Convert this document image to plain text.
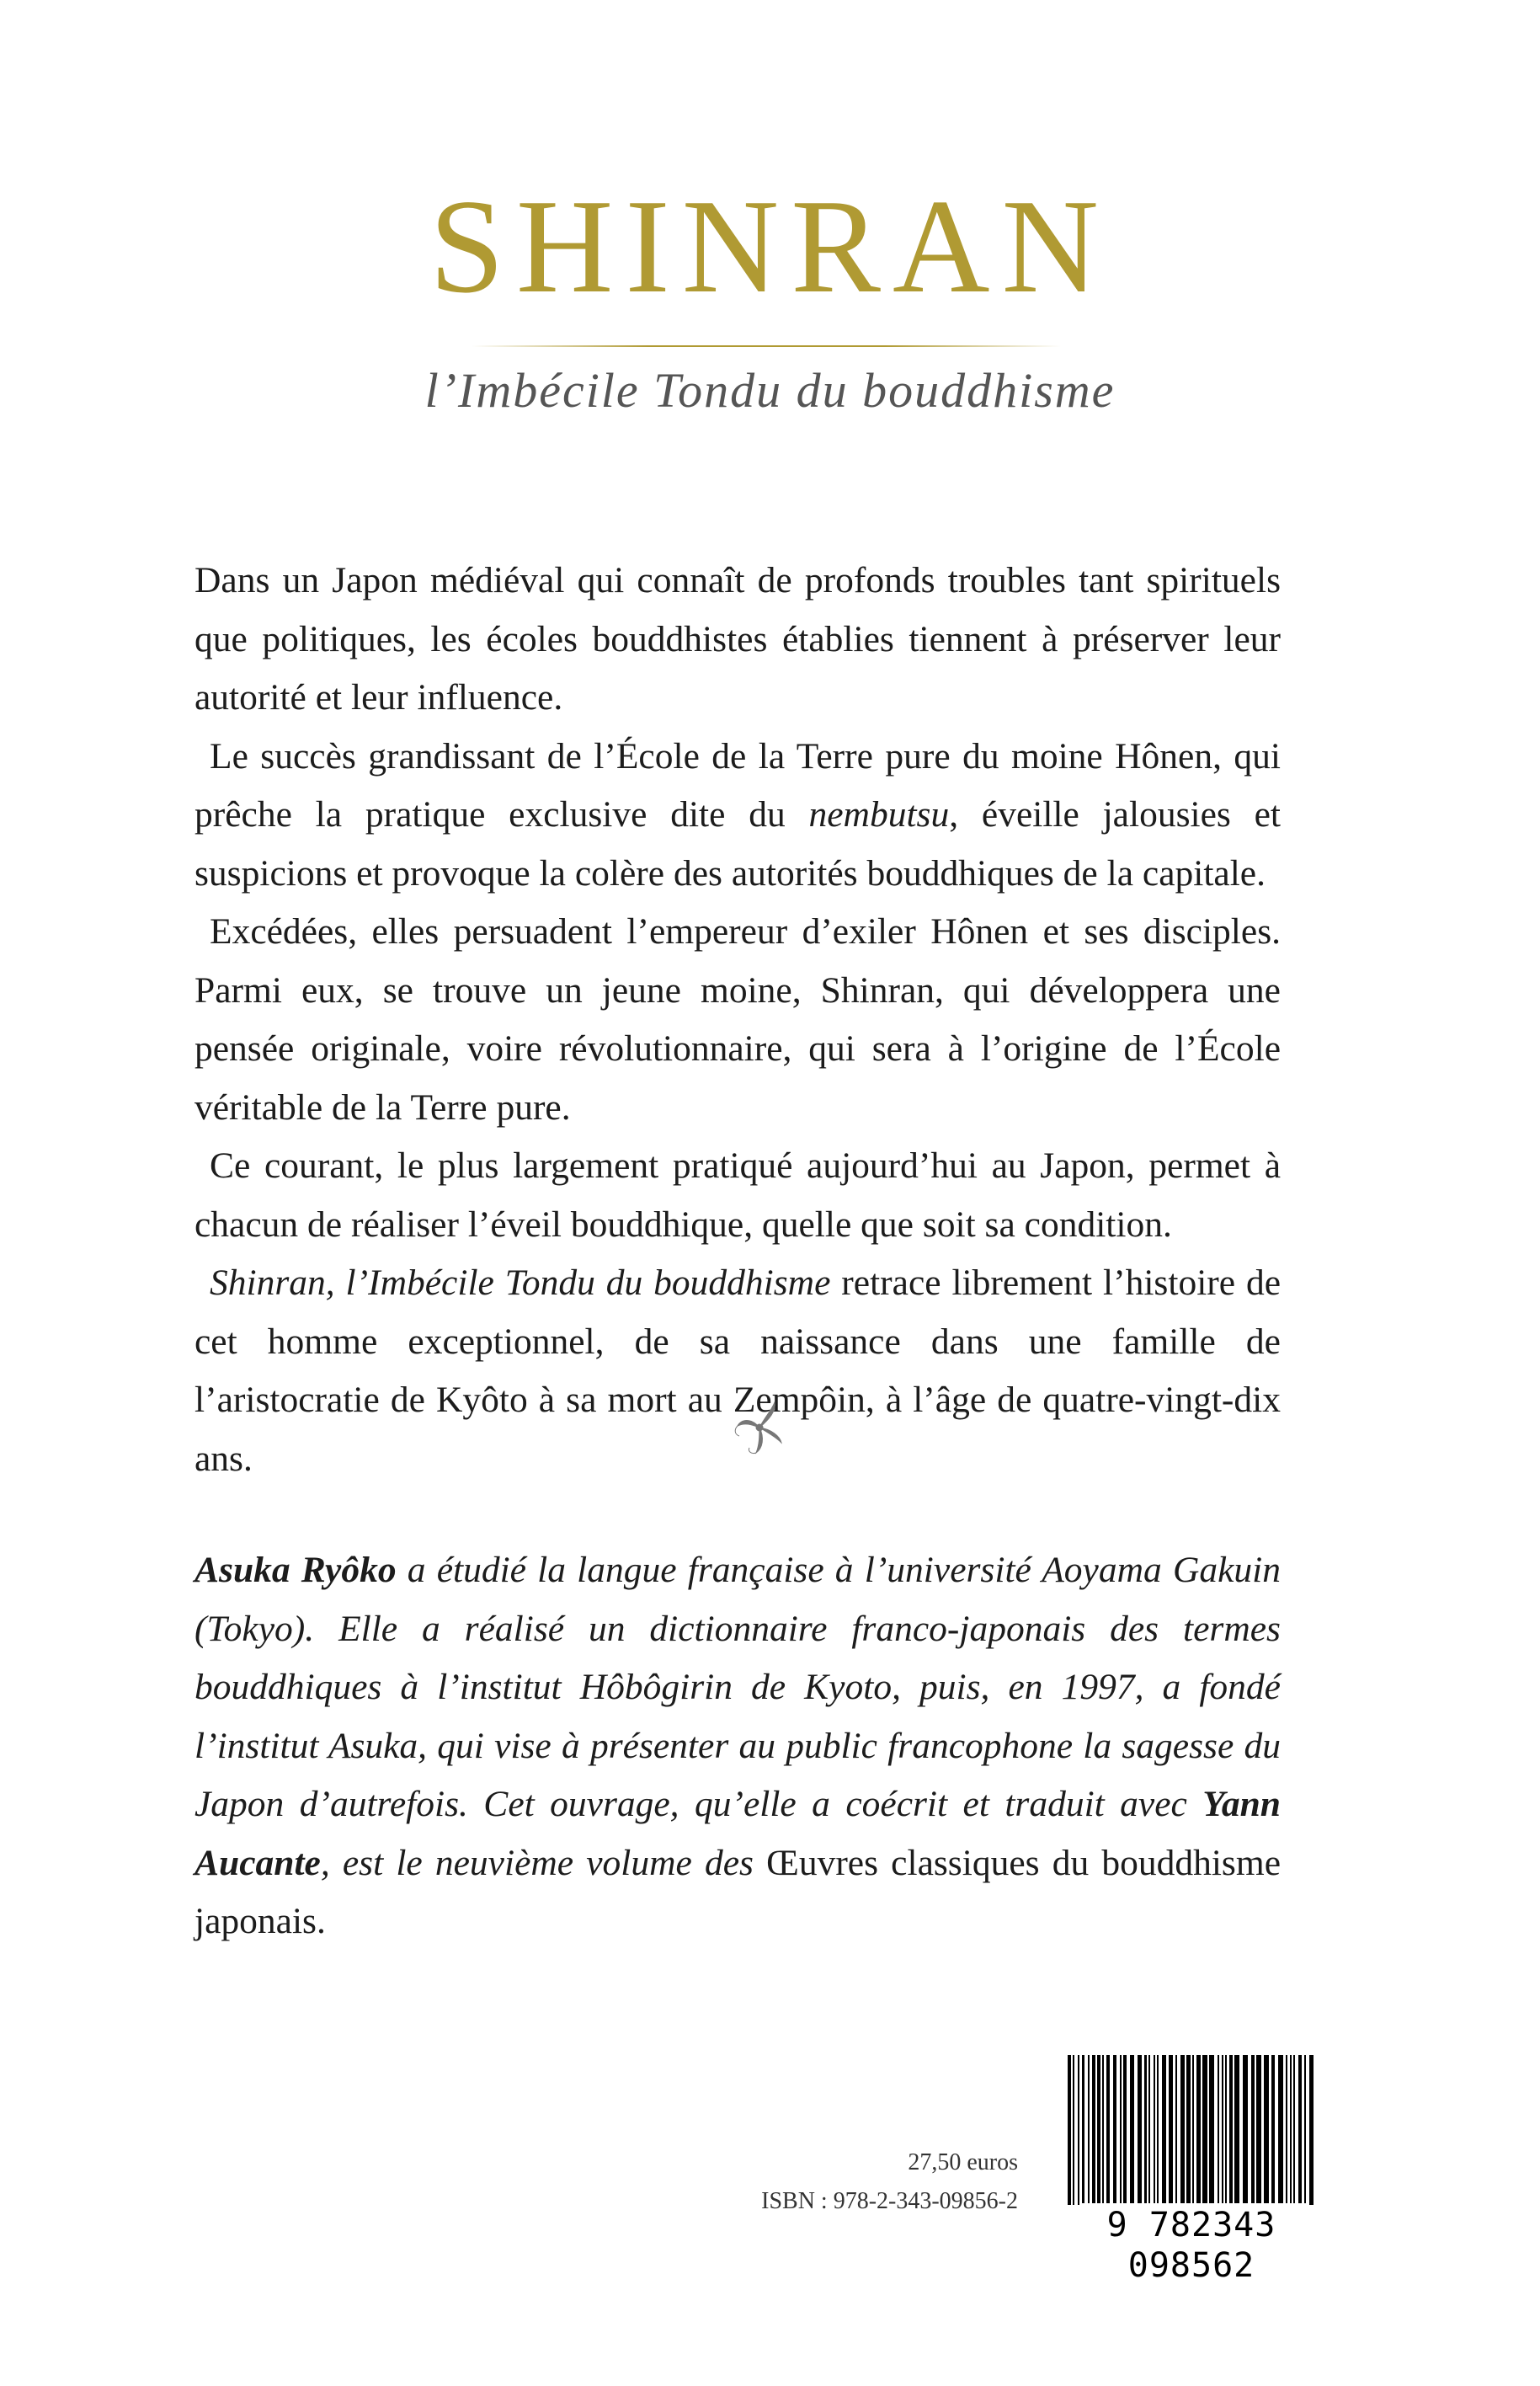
SHINRAN
l’Imbécile Tondu du bouddhisme

Dans un Japon médiéval qui connaît de profonds troubles tant spirituels que politiques, les écoles bouddhistes établies tiennent à préserver leur autorité et leur influence.

Le succès grandissant de l’École de la Terre pure du moine Hônen, qui prêche la pratique exclusive dite du nembutsu, éveille jalousies et suspicions et provoque la colère des autorités bouddhiques de la capitale.

Excédées, elles persuadent l’empereur d’exiler Hônen et ses disciples. Parmi eux, se trouve un jeune moine, Shinran, qui développera une pensée originale, voire révolutionnaire, qui sera à l’origine de l’École véritable de la Terre pure.

Ce courant, le plus largement pratiqué aujourd’hui au Japon, permet à chacun de réaliser l’éveil bouddhique, quelle que soit sa condition.

Shinran, l’Imbécile Tondu du bouddhisme retrace librement l’histoire de cet homme exceptionnel, de sa naissance dans une famille de l’aristocratie de Kyôto à sa mort au Zempôin, à l’âge de quatre-vingt-dix ans.

Asuka Ryôko a étudié la langue française à l’université Aoyama Gakuin (Tokyo). Elle a réalisé un dictionnaire franco-japonais des termes bouddhiques à l’institut Hôbôgirin de Kyoto, puis, en 1997, a fondé l’institut Asuka, qui vise à présenter au public francophone la sagesse du Japon d’autrefois. Cet ouvrage, qu’elle a coécrit et traduit avec Yann Aucante, est le neuvième volume des Œuvres classiques du bouddhisme japonais.
27,50 euros
ISBN : 978-2-343-09856-2
9 782343 098562
